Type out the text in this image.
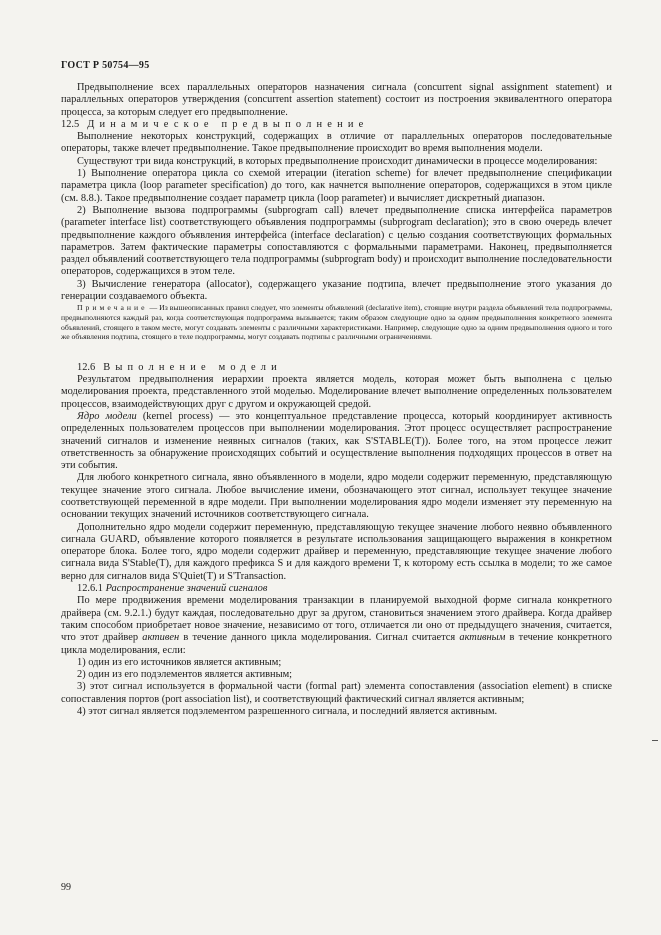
ГОСТ Р 50754—95

Предвыполнение всех параллельных операторов назначения сигнала (concurrent signal assignment statement) и параллельных операторов утверждения (concurrent assertion statement) состоит из построения эквивалентного оператора процесса, за которым следует его предвыполнение.

12.5 Динамическое предвыполнение

Выполнение некоторых конструкций, содержащих в отличие от параллельных операторов последовательные операторы, также влечет предвыполнение. Такое предвыполнение происходит во время выполнения модели.

Существуют три вида конструкций, в которых предвыполнение происходит динамически в процессе моделирования:

1) Выполнение оператора цикла со схемой итерации (iteration scheme) for влечет предвыполнение спецификации параметра цикла (loop parameter specification) до того, как начнется выполнение операторов, содержащихся в этом цикле (см. 8.8.). Такое предвыполнение создает параметр цикла (loop parameter) и вычисляет дискретный диапазон.

2) Выполнение вызова подпрограммы (subprogram call) влечет предвыполнение списка интерфейса параметров (parameter interface list) соответствующего объявления подпрограммы (subprogram declaration); это в свою очередь влечет предвыполнение каждого объявления интерфейса (interface declaration) с целью создания соответствующих формальных параметров. Затем фактические параметры сопоставляются с формальными параметрами. Наконец, предвыполняется раздел объявлений соответствующего тела подпрограммы (subprogram body) и происходит выполнение последовательности операторов, содержащихся в этом теле.

3) Вычисление генератора (allocator), содержащего указание подтипа, влечет предвыполнение этого указания до генерации создаваемого объекта.

Примечание — Из вышеописанных правил следует, что элементы объявлений (declarative item), стоящие внутри раздела объявлений тела подпрограммы, предвыполняются каждый раз, когда соответствующая подпрограмма вызывается; таким образом следующие одно за одним предвыполнения конкретного элемента объявлений, стоящего в таком месте, могут создавать элементы с различными характеристиками. Например, следующие одно за одним предвыполнения одного и того же объявления подтипа, стоящего в теле подпрограммы, могут создавать подтипы с различными ограничениями.

12.6 Выполнение модели

Результатом предвыполнения иерархии проекта является модель, которая может быть выполнена с целью моделирования проекта, представленного этой моделью. Моделирование влечет выполнение определенных пользователем процессов, взаимодействующих друг с другом и окружающей средой.

Ядро модели (kernel process) — это концептуальное представление процесса, который координирует активность определенных пользователем процессов при выполнении моделирования. Этот процесс осуществляет распространение значений сигналов и изменение неявных сигналов (таких, как S'STABLE(T)). Более того, на этом процессе лежит ответственность за обнаружение происходящих событий и осуществление выполнения подходящих процессов в ответ на эти события.

Для любого конкретного сигнала, явно объявленного в модели, ядро модели содержит переменную, представляющую текущее значение этого сигнала. Любое вычисление имени, обозначающего этот сигнал, использует текущее значение соответствующей переменной в ядре модели. При выполнении моделирования ядро модели изменяет эту переменную на основании текущих значений источников соответствующего сигнала.

Дополнительно ядро модели содержит переменную, представляющую текущее значение любого неявно объявленного сигнала GUARD, объявление которого появляется в результате использования защищающего выражения в конкретном операторе блока. Более того, ядро модели содержит драйвер и переменную, представляющие текущее значение любого сигнала вида S'Stable(T), для каждого префикса S и для каждого времени T, к которому есть ссылка в модели; то же самое верно для сигналов вида S'Quiet(T) и S'Transaction.

12.6.1 Распространение значений сигналов

По мере продвижения времени моделирования транзакции в планируемой выходной форме сигнала конкретного драйвера (см. 9.2.1.) будут каждая, последовательно друг за другом, становиться значением этого драйвера. Когда драйвер таким способом приобретает новое значение, независимо от того, отличается ли оно от предыдущего значения, считается, что этот драйвер активен в течение данного цикла моделирования. Сигнал считается активным в течение конкретного цикла моделирования, если:

1) один из его источников является активным;

2) один из его подэлементов является активным;

3) этот сигнал используется в формальной части (formal part) элемента сопоставления (association element) в списке сопоставления портов (port association list), и соответствующий фактический сигнал является активным;

4) этот сигнал является подэлементом разрешенного сигнала, и последний является активным.

99
